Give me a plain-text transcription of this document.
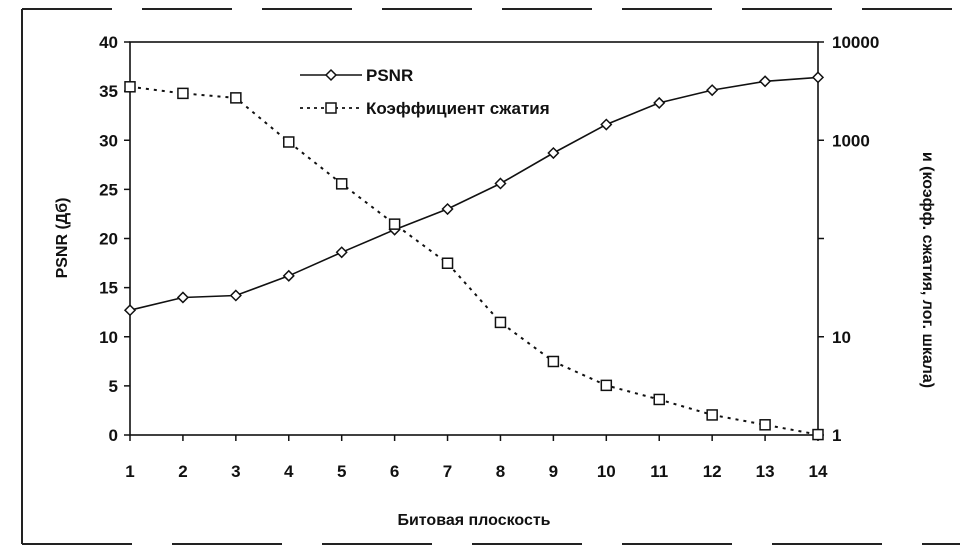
0
5
10
15
20
25
30
35
40
1
10
1000
10000
1	2	3	4	5	6	7	8	9 10 11 12 13 14
PSNR
Коэффициент сжатия
Битовая плоскость
PSNR (Дб)	и (коэфф. сжатия, лог. шкала)
